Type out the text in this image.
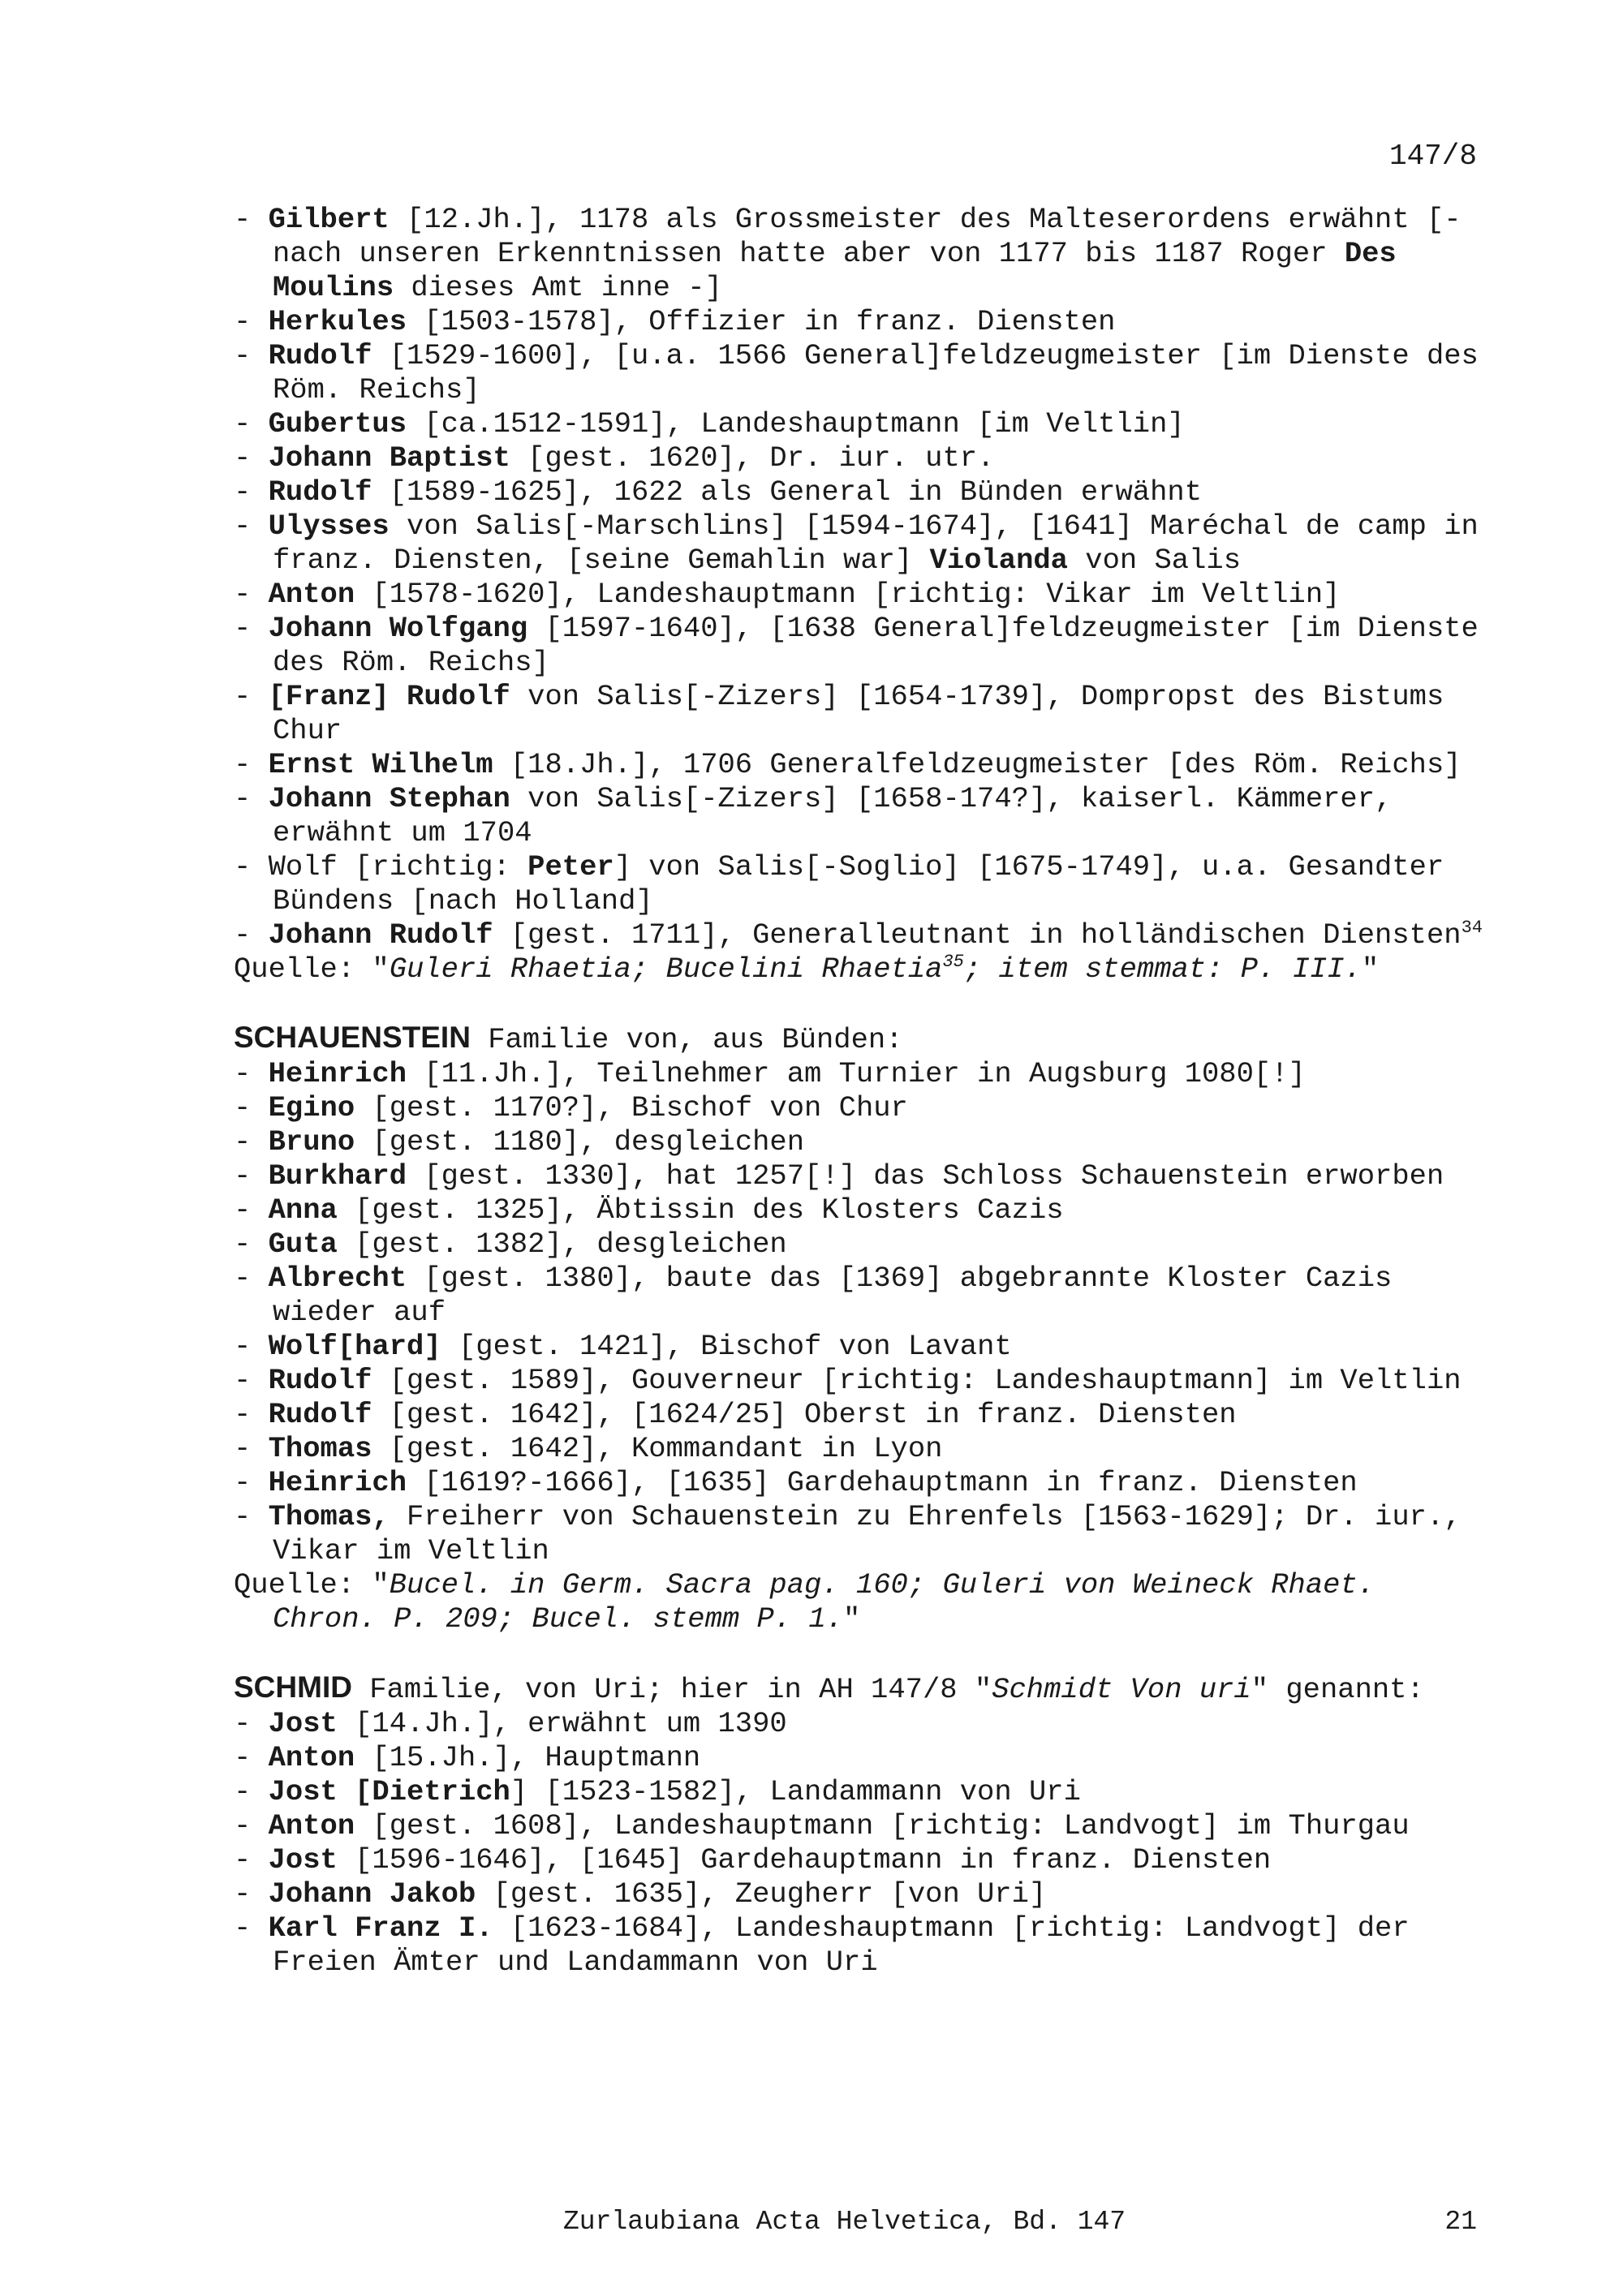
147/8
- Gilbert [12.Jh.], 1178 als Grossmeister des Malteserordens erwähnt [- nach unseren Erkenntnissen hatte aber von 1177 bis 1187 Roger Des Moulins dieses Amt inne -]
- Herkules [1503-1578], Offizier in franz. Diensten
- Rudolf [1529-1600], [u.a. 1566 General]feldzeugmeister [im Dienste des Röm. Reichs]
- Gubertus [ca.1512-1591], Landeshauptmann [im Veltlin]
- Johann Baptist [gest. 1620], Dr. iur. utr.
- Rudolf [1589-1625], 1622 als General in Bünden erwähnt
- Ulysses von Salis[-Marschlins] [1594-1674], [1641] Maréchal de camp in franz. Diensten, [seine Gemahlin war] Violanda von Salis
- Anton [1578-1620], Landeshauptmann [richtig: Vikar im Veltlin]
- Johann Wolfgang [1597-1640], [1638 General]feldzeugmeister [im Dienste des Röm. Reichs]
- [Franz] Rudolf von Salis[-Zizers] [1654-1739], Dompropst des Bistums Chur
- Ernst Wilhelm [18.Jh.], 1706 Generalfeldzeugmeister [des Röm. Reichs]
- Johann Stephan von Salis[-Zizers] [1658-174?], kaiserl. Kämmerer, erwähnt um 1704
- Wolf [richtig: Peter] von Salis[-Soglio] [1675-1749], u.a. Gesandter Bündens [nach Holland]
- Johann Rudolf [gest. 1711], Generalleutnant in holländischen Diensten$^{34}$
Quelle: "Guleri Rhaetia; Bucelini Rhaetia$^{35}$; item stemmat: P. III."
SCHAUENSTEIN Familie von, aus Bünden:
- Heinrich [11.Jh.], Teilnehmer am Turnier in Augsburg 1080[!]
- Egino [gest. 1170?], Bischof von Chur
- Bruno [gest. 1180], desgleichen
- Burkhard [gest. 1330], hat 1257[!] das Schloss Schauenstein erworben
- Anna [gest. 1325], Äbtissin des Klosters Cazis
- Guta [gest. 1382], desgleichen
- Albrecht [gest. 1380], baute das [1369] abgebrannte Kloster Cazis wieder auf
- Wolf[hard] [gest. 1421], Bischof von Lavant
- Rudolf [gest. 1589], Gouverneur [richtig: Landeshauptmann] im Veltlin
- Rudolf [gest. 1642], [1624/25] Oberst in franz. Diensten
- Thomas [gest. 1642], Kommandant in Lyon
- Heinrich [1619?-1666], [1635] Gardehauptmann in franz. Diensten
- Thomas, Freiherr von Schauenstein zu Ehrenfels [1563-1629]; Dr. iur., Vikar im Veltlin
Quelle: "Bucel. in Germ. Sacra pag. 160; Guleri von Weineck Rhaet. Chron. P. 209; Bucel. stemm P. 1."
SCHMID Familie, von Uri; hier in AH 147/8 "Schmidt Von uri" genannt:
- Jost [14.Jh.], erwähnt um 1390
- Anton [15.Jh.], Hauptmann
- Jost [Dietrich] [1523-1582], Landammann von Uri
- Anton [gest. 1608], Landeshauptmann [richtig: Landvogt] im Thurgau
- Jost [1596-1646], [1645] Gardehauptmann in franz. Diensten
- Johann Jakob [gest. 1635], Zeugherr [von Uri]
- Karl Franz I. [1623-1684], Landeshauptmann [richtig: Landvogt] der Freien Ämter und Landammann von Uri
Zurlaubiana Acta Helvetica, Bd. 147	21
